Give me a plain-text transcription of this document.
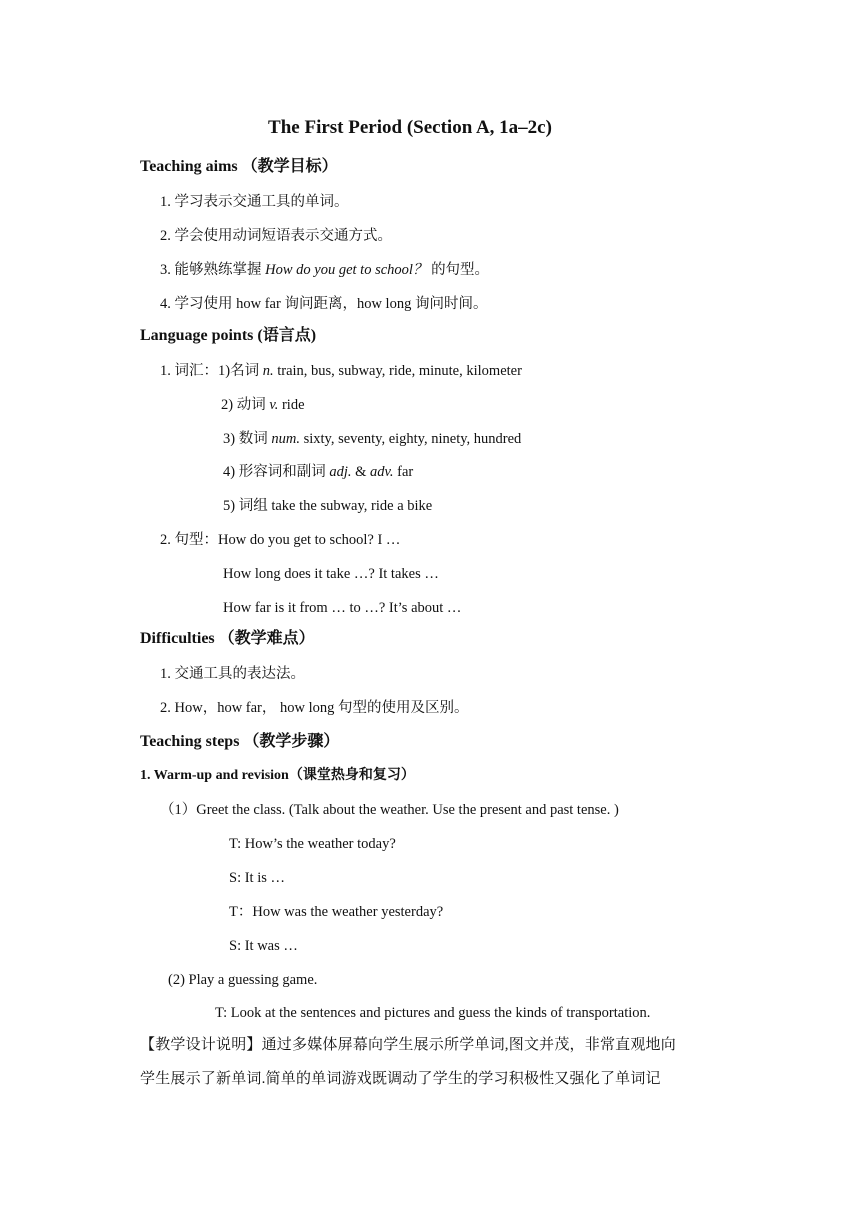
The First Period (Section A, 1a–2c)
Teaching aims （教学目标）
1. 学习表示交通工具的单词。
2. 学会使用动词短语表示交通方式。
3. 能够熟练掌握 How do you get to school？ 的句型。
4. 学习使用 how far 询问距离，how long 询问时间。
Language points (语言点)
1. 词汇：1)名词 n. train, bus, subway, ride, minute, kilometer
2) 动词 v. ride
3) 数词 num. sixty, seventy, eighty, ninety, hundred
4) 形容词和副词 adj. & adv. far
5) 词组 take the subway, ride a bike
2. 句型：How do you get to school? I …
How long does it take …? It takes …
How far is it from … to …? It’s about …
Difficulties （教学难点）
1. 交通工具的表达法。
2. How，how far， how long 句型的使用及区别。
Teaching steps （教学步骤）
1. Warm-up and revision（课堂热身和复习）
（1）Greet the class. (Talk about the weather. Use the present and past tense. )
T: How’s the weather today?
S: It is …
T：How was the weather yesterday?
S: It was …
(2) Play a guessing game.
T: Look at the sentences and pictures and guess the kinds of transportation.
【教学设计说明】通过多媒体屏幕向学生展示所学单词,图文并茂，非常直观地向
学生展示了新单词.简单的单词游戏既调动了学生的学习积极性又强化了单词记
